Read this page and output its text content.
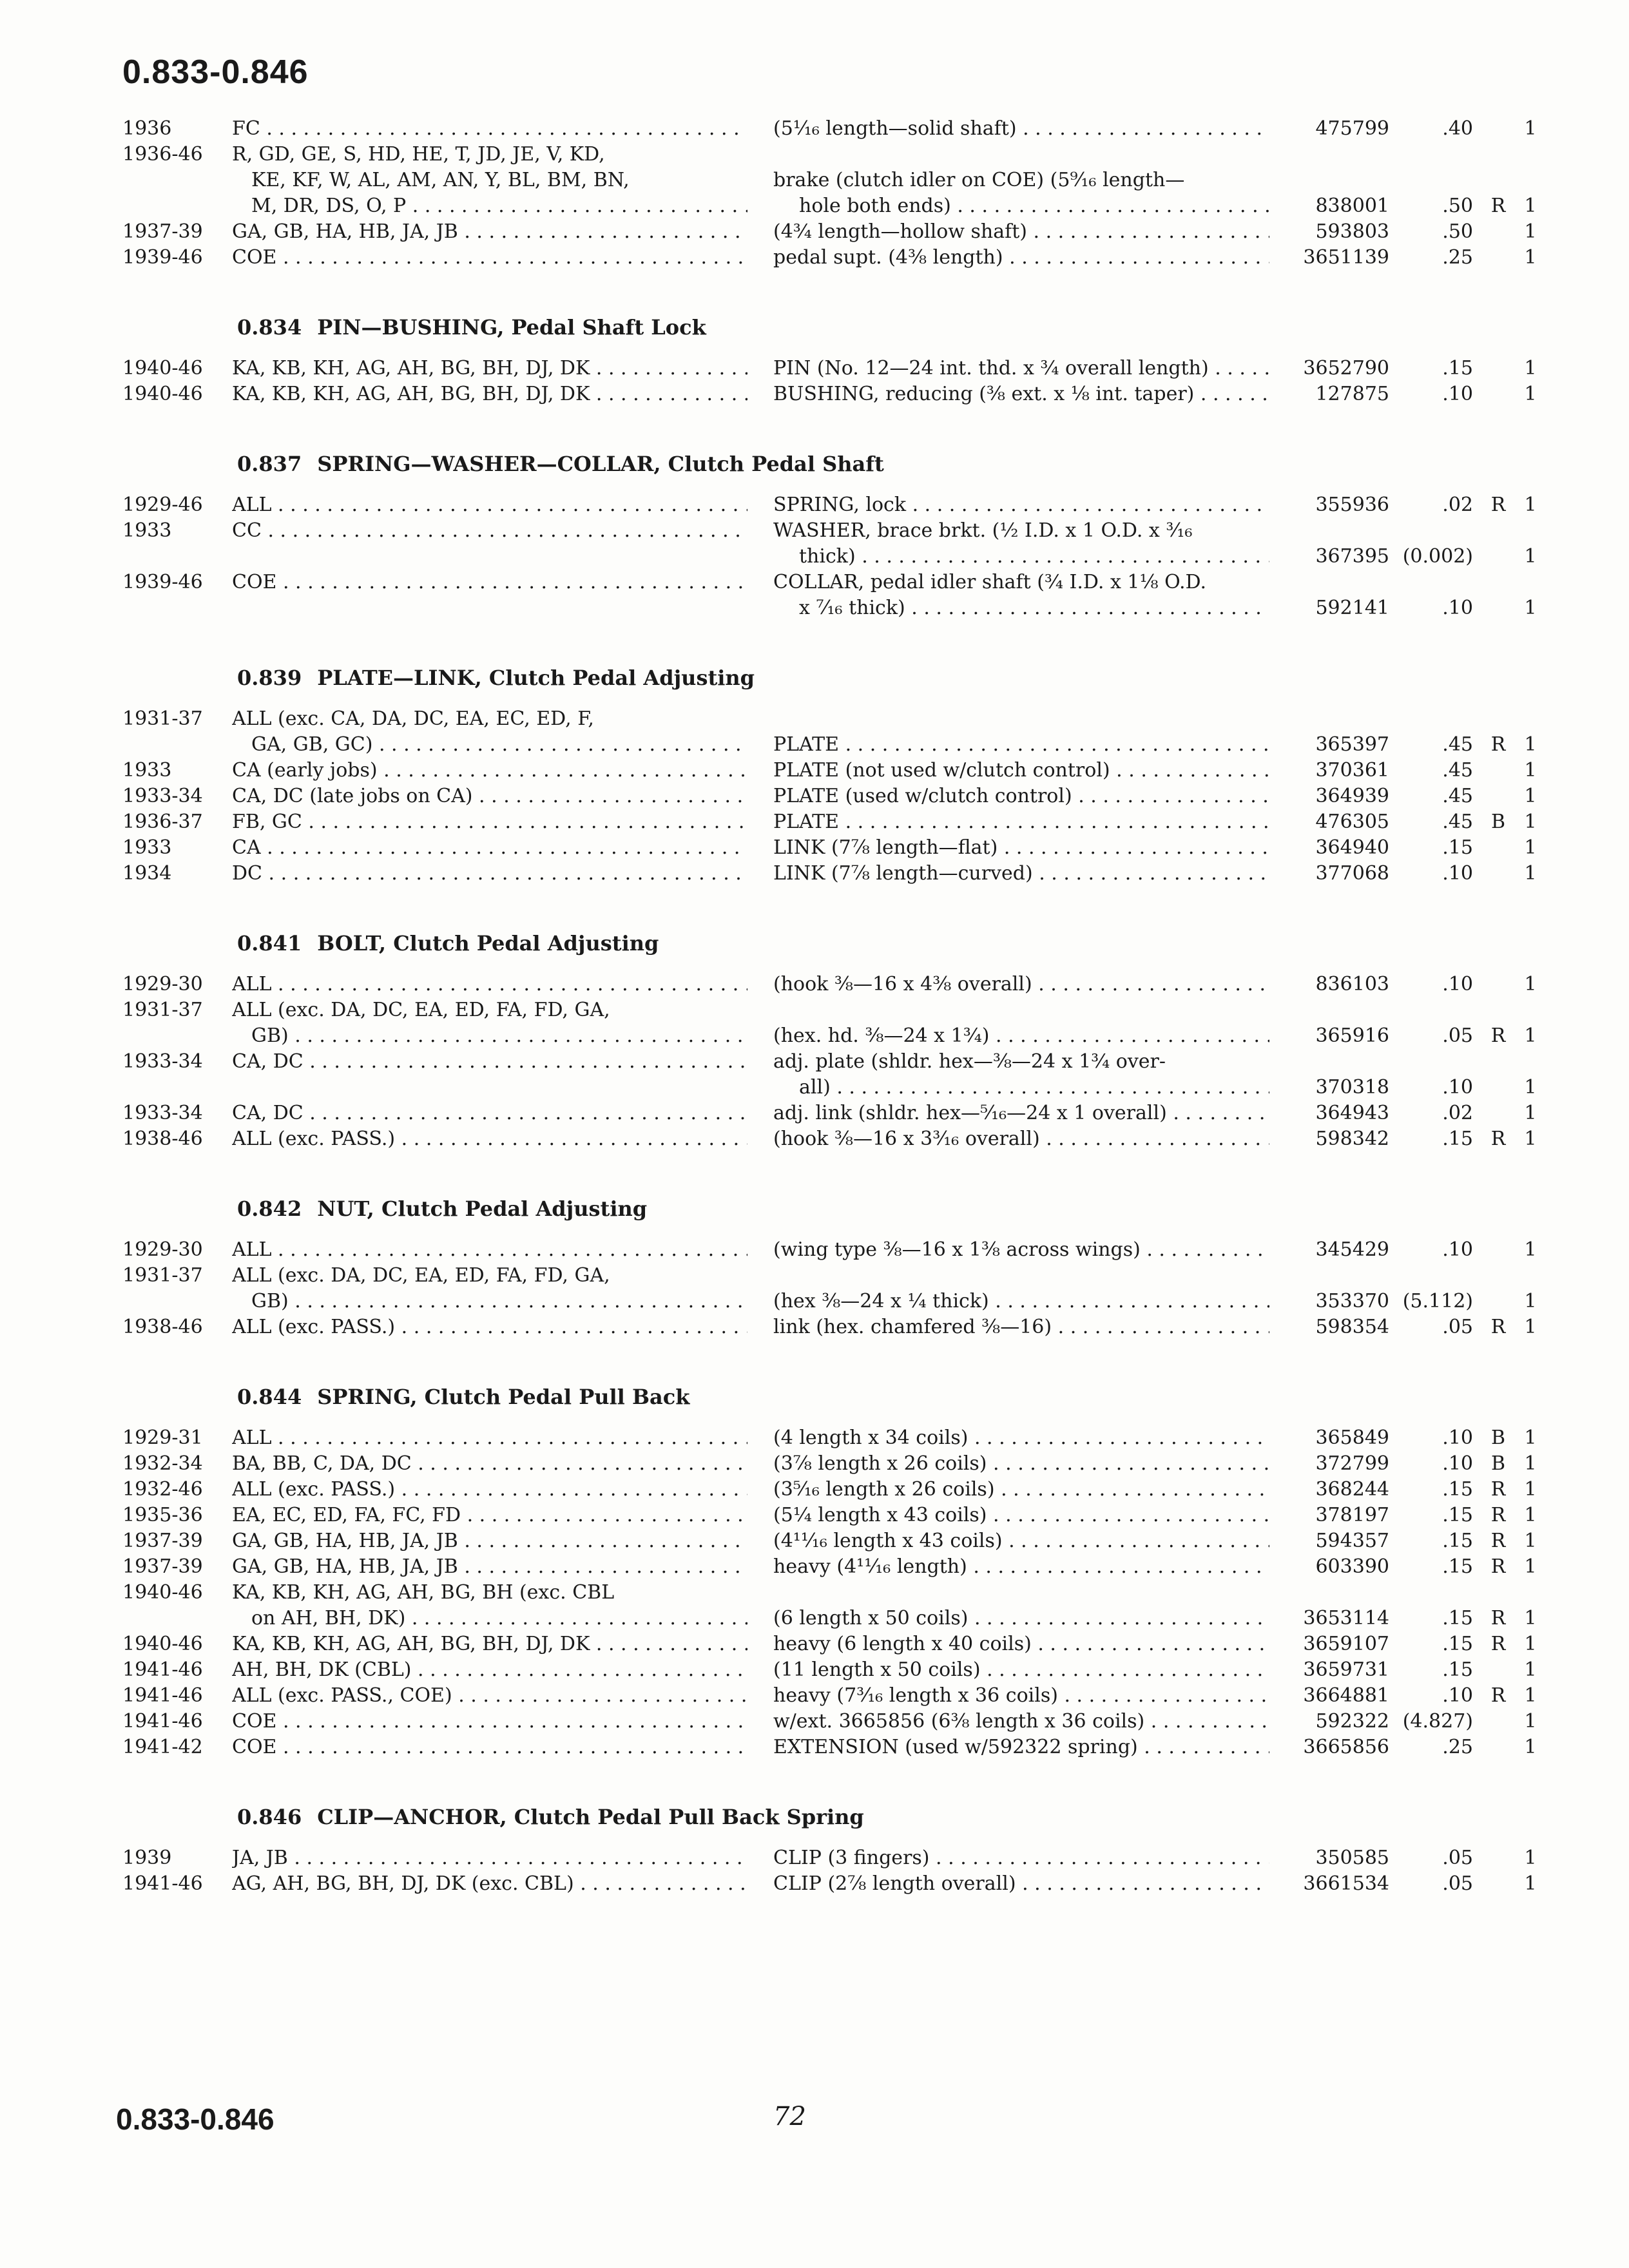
0.833-0.846
1936	FC . . .	(5¹⁄₁₆ length—solid shaft) . . .	475799	.40	1
1936-46	R, GD, GE, S, HD, HE, T, JD, JE, V, KD,
KE, KF, W, AL, AM, AN, Y, BL, BM, BN,
M, DR, DS, O, P . . .
brake (clutch idler on COE) (5⁹⁄₁₆ length—
hole both ends) . . .	838001	.50 R 1
1937-39	GA, GB, HA, HB, JA, JB . . .	(4¾ length—hollow shaft) . . .	593803	.50	1
1939-46	COE . . .	pedal supt. (4⅜ length) . . .	3651139	.25	1
0.834 PIN—BUSHING, Pedal Shaft Lock
1940-46	KA, KB, KH, AG, AH, BG, BH, DJ, DK . . .	PIN (No. 12—24 int. thd. x ¾ overall length) . . .	3652790	.15	1
1940-46	KA, KB, KH, AG, AH, BG, BH, DJ, DK . . .	BUSHING, reducing (⅜ ext. x ⅛ int. taper) . . .	127875	.10	1
0.837 SPRING—WASHER—COLLAR, Clutch Pedal Shaft
1929-46	ALL . . .	SPRING, lock . . .	355936	.02 R 1
1933	CC . . .	WASHER, brace brkt. (½ I.D. x 1 O.D. x ³⁄₁₆
thick) . . .	367395 (0.002)	1
1939-46	COE . . .	COLLAR, pedal idler shaft (¾ I.D. x 1⅛ O.D.
x ⁷⁄₁₆ thick) . . .	592141	.10	1
0.839 PLATE—LINK, Clutch Pedal Adjusting
1931-37	ALL (exc. CA, DA, DC, EA, EC, ED, F,
GA, GB, GC) . . .	PLATE . . .	365397	.45 R 1
1933	CA (early jobs) . . .	PLATE (not used w/clutch control) . . .	370361	.45	1
1933-34	CA, DC (late jobs on CA) . . .	PLATE (used w/clutch control) . . .	364939	.45	1
1936-37	FB, GC . . .	PLATE . . .	476305	.45 B 1
1933	CA . . .	LINK (7⅞ length—flat) . . .	364940	.15	1
1934	DC . . .	LINK (7⅞ length—curved) . . .	377068	.10	1
0.841 BOLT, Clutch Pedal Adjusting
1929-30	ALL . . .	(hook ⅜—16 x 4⅜ overall) . . .	836103	.10	1
1931-37	ALL (exc. DA, DC, EA, ED, FA, FD, GA,
GB) . . .	(hex. hd. ⅜—24 x 1¾) . . .	365916	.05 R 1
1933-34	CA, DC . . .	adj. plate (shldr. hex—⅜—24 x 1¾ over-
all) . . .	370318	.10	1
1933-34	CA, DC . . .	adj. link (shldr. hex—⁵⁄₁₆—24 x 1 overall) . . .	364943	.02	1
1938-46	ALL (exc. PASS.) . . .	(hook ⅜—16 x 3³⁄₁₆ overall) . . .	598342	.15 R 1
0.842 NUT, Clutch Pedal Adjusting
1929-30	ALL . . .	(wing type ⅜—16 x 1⅜ across wings) . . .	345429	.10	1
1931-37	ALL (exc. DA, DC, EA, ED, FA, FD, GA,
GB) . . .	(hex ⅜—24 x ¼ thick) . . .	353370 (5.112)	1
1938-46	ALL (exc. PASS.) . . .	link (hex. chamfered ⅜—16) . . .	598354	.05 R 1
0.844 SPRING, Clutch Pedal Pull Back
1929-31	ALL . . .	(4 length x 34 coils) . . .	365849	.10 B 1
1932-34	BA, BB, C, DA, DC . . .	(3⅞ length x 26 coils) . . .	372799	.10 B 1
1932-46	ALL (exc. PASS.) . . .	(3⁵⁄₁₆ length x 26 coils) . . .	368244	.15 R 1
1935-36	EA, EC, ED, FA, FC, FD . . .	(5¼ length x 43 coils) . . .	378197	.15 R 1
1937-39	GA, GB, HA, HB, JA, JB . . .	(4¹¹⁄₁₆ length x 43 coils) . . .	594357	.15 R 1
1937-39	GA, GB, HA, HB, JA, JB . . .	heavy (4¹¹⁄₁₆ length) . . .	603390	.15 R 1
1940-46	KA, KB, KH, AG, AH, BG, BH (exc. CBL
on AH, BH, DK) . . .	(6 length x 50 coils) . . .	3653114	.15 R 1
1940-46	KA, KB, KH, AG, AH, BG, BH, DJ, DK . . .	heavy (6 length x 40 coils) . . .	3659107	.15 R 1
1941-46	AH, BH, DK (CBL) . . .	(11 length x 50 coils) . . .	3659731	.15	1
1941-46	ALL (exc. PASS., COE) . . .	heavy (7³⁄₁₆ length x 36 coils) . . .	3664881	.10 R 1
1941-46	COE . . .	w/ext. 3665856 (6⅜ length x 36 coils) . . .	592322 (4.827)	1
1941-42	COE . . .	EXTENSION (used w/592322 spring) . . .	3665856	.25	1
0.846 CLIP—ANCHOR, Clutch Pedal Pull Back Spring
1939	JA, JB . . .	CLIP (3 fingers) . . .	350585	.05	1
1941-46	AG, AH, BG, BH, DJ, DK (exc. CBL) . . .	CLIP (2⅞ length overall) . . .	3661534	.05	1
0.833-0.846	72
